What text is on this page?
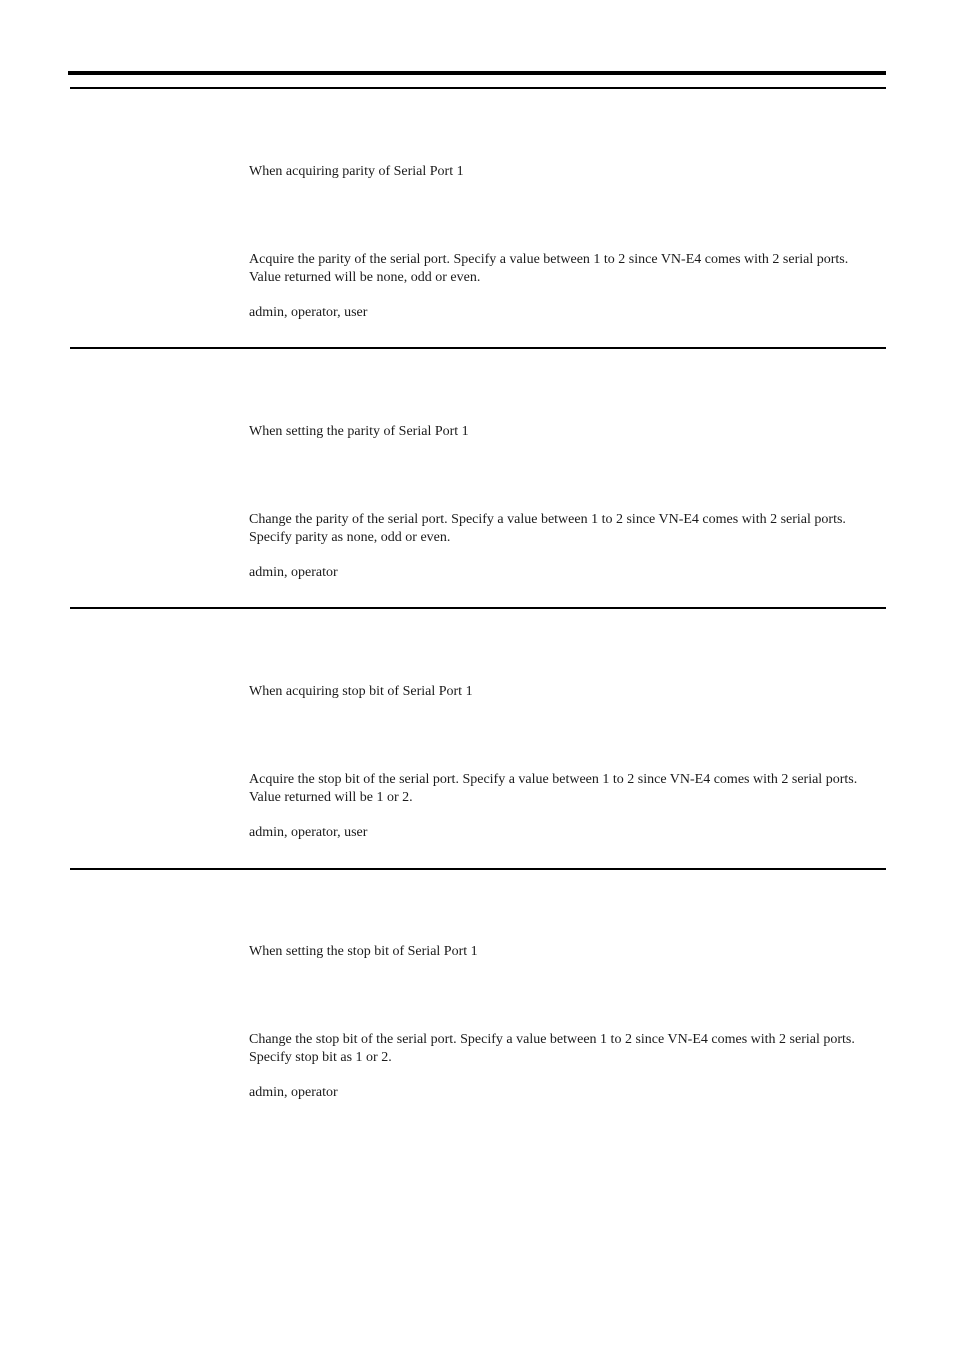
When acquiring parity of Serial Port 1

Acquire the parity of the serial port. Specify a value between 1 to 2 since VN-E4 comes with 2 serial ports.
Value returned will be none, odd or even.

admin, operator, user

When setting the parity of Serial Port 1

Change the parity of the serial port. Specify a value between 1 to 2 since VN-E4 comes with 2 serial ports.
Specify parity as none, odd or even.

admin, operator

When acquiring stop bit of Serial Port 1

Acquire the stop bit of the serial port. Specify a value between 1 to 2 since VN-E4 comes with 2 serial ports.
Value returned will be 1 or 2.

admin, operator, user

When setting the stop bit of Serial Port 1

Change the stop bit of the serial port. Specify a value between 1 to 2 since VN-E4 comes with 2 serial ports.
Specify stop bit as 1 or 2.

admin, operator
